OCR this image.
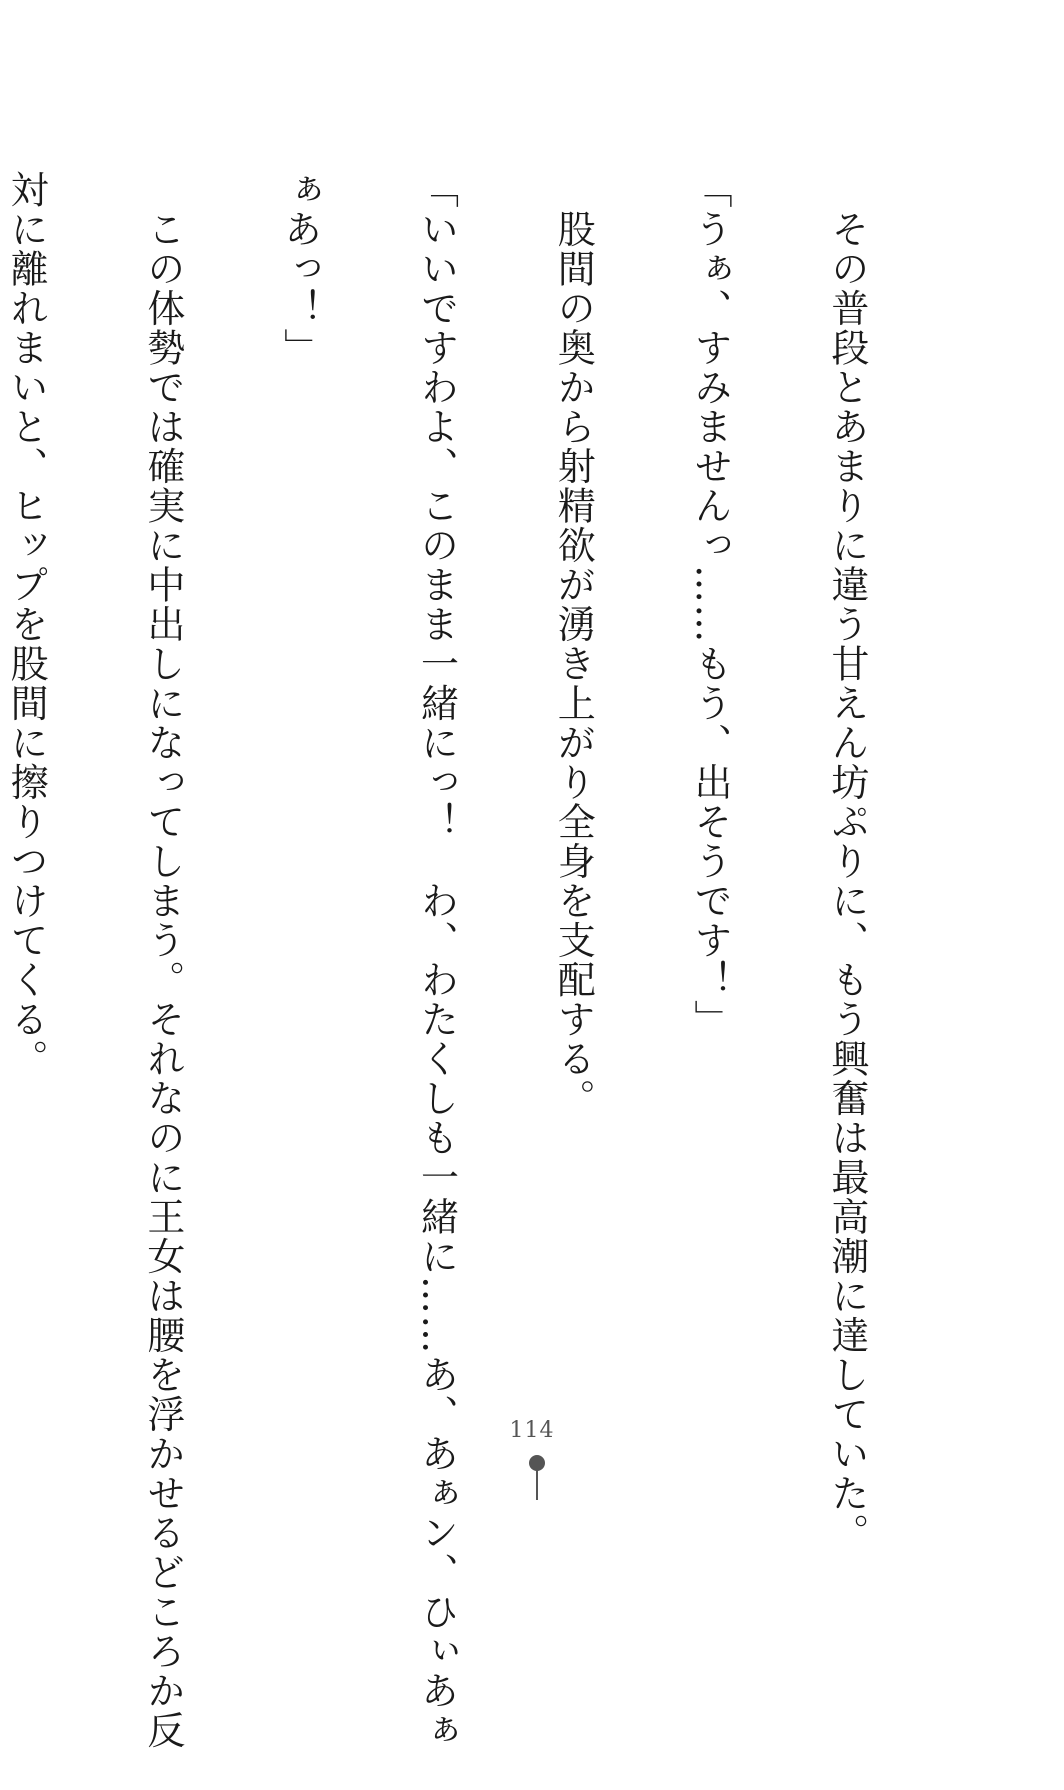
　その普段とあまりに違う甘えん坊ぷりに、もう興奮は最高潮に達していた。

「うぁ、すみませんっ……もう、出そうです！」

　股間の奥から射精欲が湧き上がり全身を支配する。

「いいですわよ、このまま一緒にっ！　わ、わたくしも一緒に……あ、あぁン、ひぃあぁ

ぁあっ！」

　この体勢では確実に中出しになってしまう。それなのに王女は腰を浮かせるどころか反

対に離れまいと、ヒップを股間に擦りつけてくる。

114
